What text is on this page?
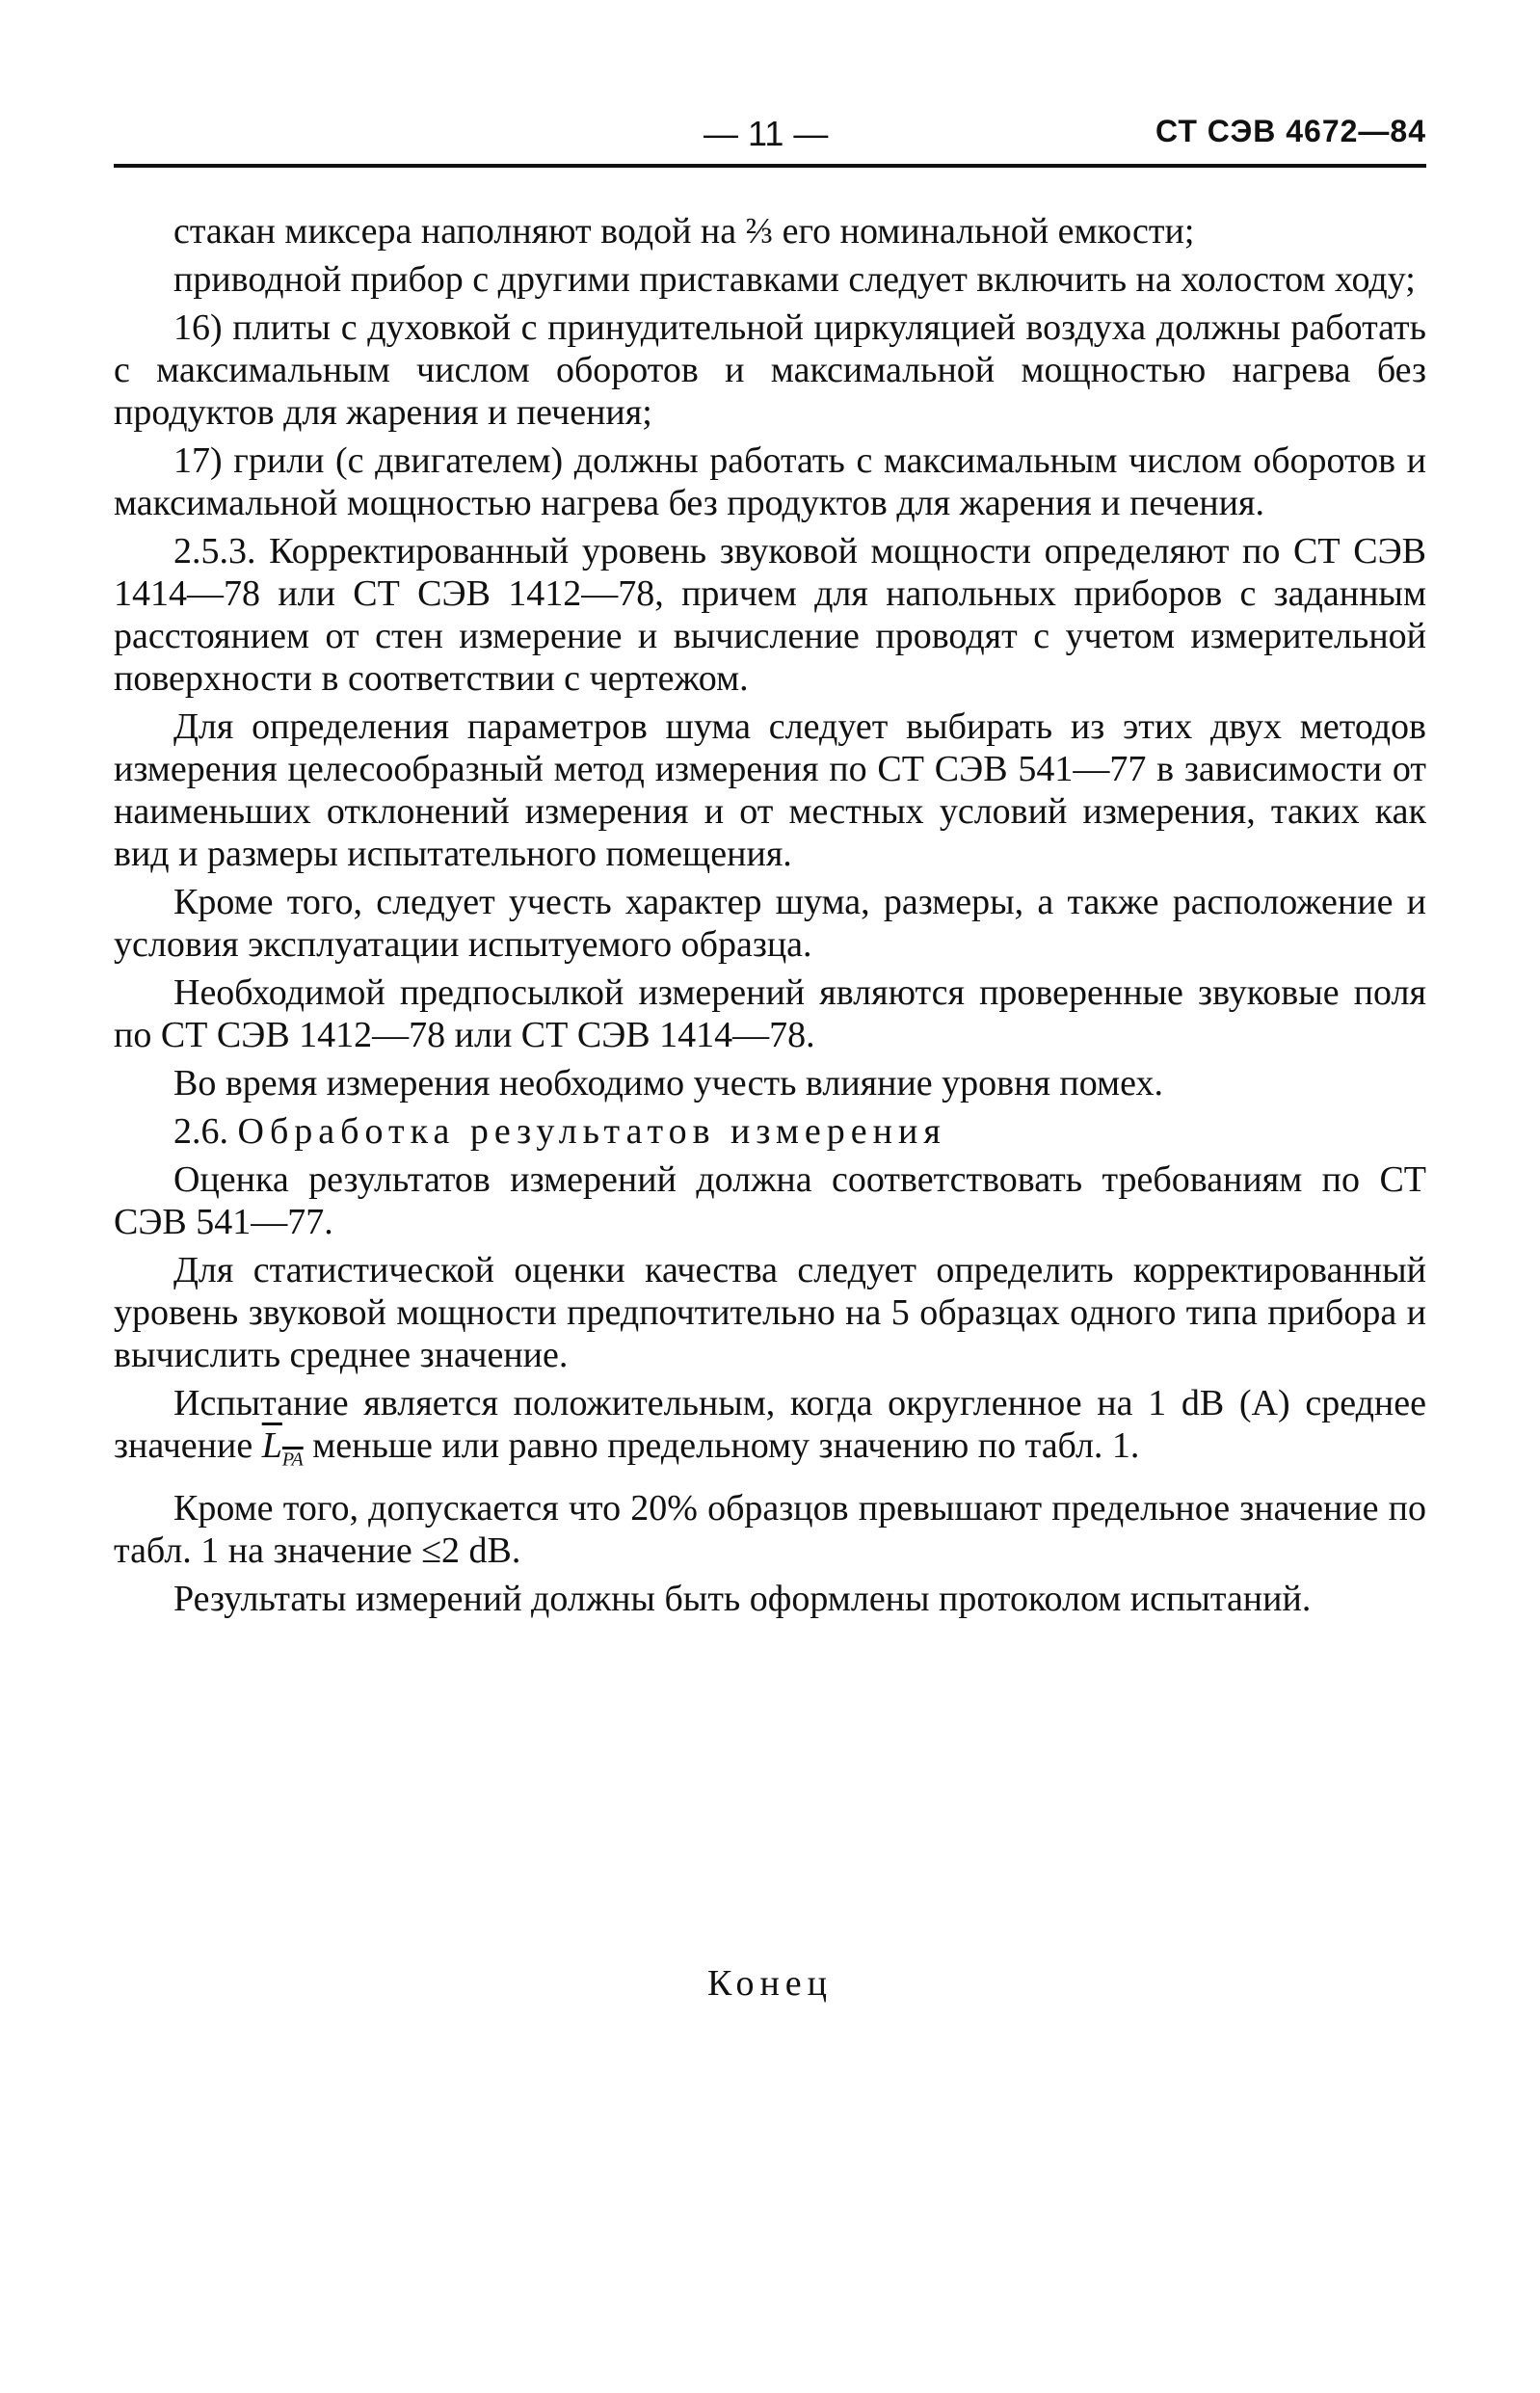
— 11 —	СТ СЭВ 4672—84

стакан миксера наполняют водой на ⅔ его номинальной емкости;

приводной прибор с другими приставками следует включить на холостом ходу;

16) плиты с духовкой с принудительной циркуляцией воздуха должны работать с максимальным числом оборотов и максимальной мощностью нагрева без продуктов для жарения и печения;

17) грили (с двигателем) должны работать с максимальным числом оборотов и максимальной мощностью нагрева без продуктов для жарения и печения.

2.5.3. Корректированный уровень звуковой мощности определяют по СТ СЭВ 1414—78 или СТ СЭВ 1412—78, причем для напольных приборов с заданным расстоянием от стен измерение и вычисление проводят с учетом измерительной поверхности в соответствии с чертежом.

Для определения параметров шума следует выбирать из этих двух методов измерения целесообразный метод измерения по СТ СЭВ 541—77 в зависимости от наименьших отклонений измерения и от местных условий измерения, таких как вид и размеры испытательного помещения.

Кроме того, следует учесть характер шума, размеры, а также расположение и условия эксплуатации испытуемого образца.

Необходимой предпосылкой измерений являются проверенные звуковые поля по СТ СЭВ 1412—78 или СТ СЭВ 1414—78.

Во время измерения необходимо учесть влияние уровня помех.

2.6. Обработка результатов измерения

Оценка результатов измерений должна соответствовать требованиям по СТ СЭВ 541—77.

Для статистической оценки качества следует определить корректированный уровень звуковой мощности предпочтительно на 5 образцах одного типа прибора и вычислить среднее значение.

Испытание является положительным, когда округленное на 1 dB (A) среднее значение $L_{PA}$ меньше или равно предельному значению по табл. 1.

Кроме того, допускается что 20% образцов превышают предельное значение по табл. 1 на значение ≤2 dB.

Результаты измерений должны быть оформлены протоколом испытаний.

Конец
